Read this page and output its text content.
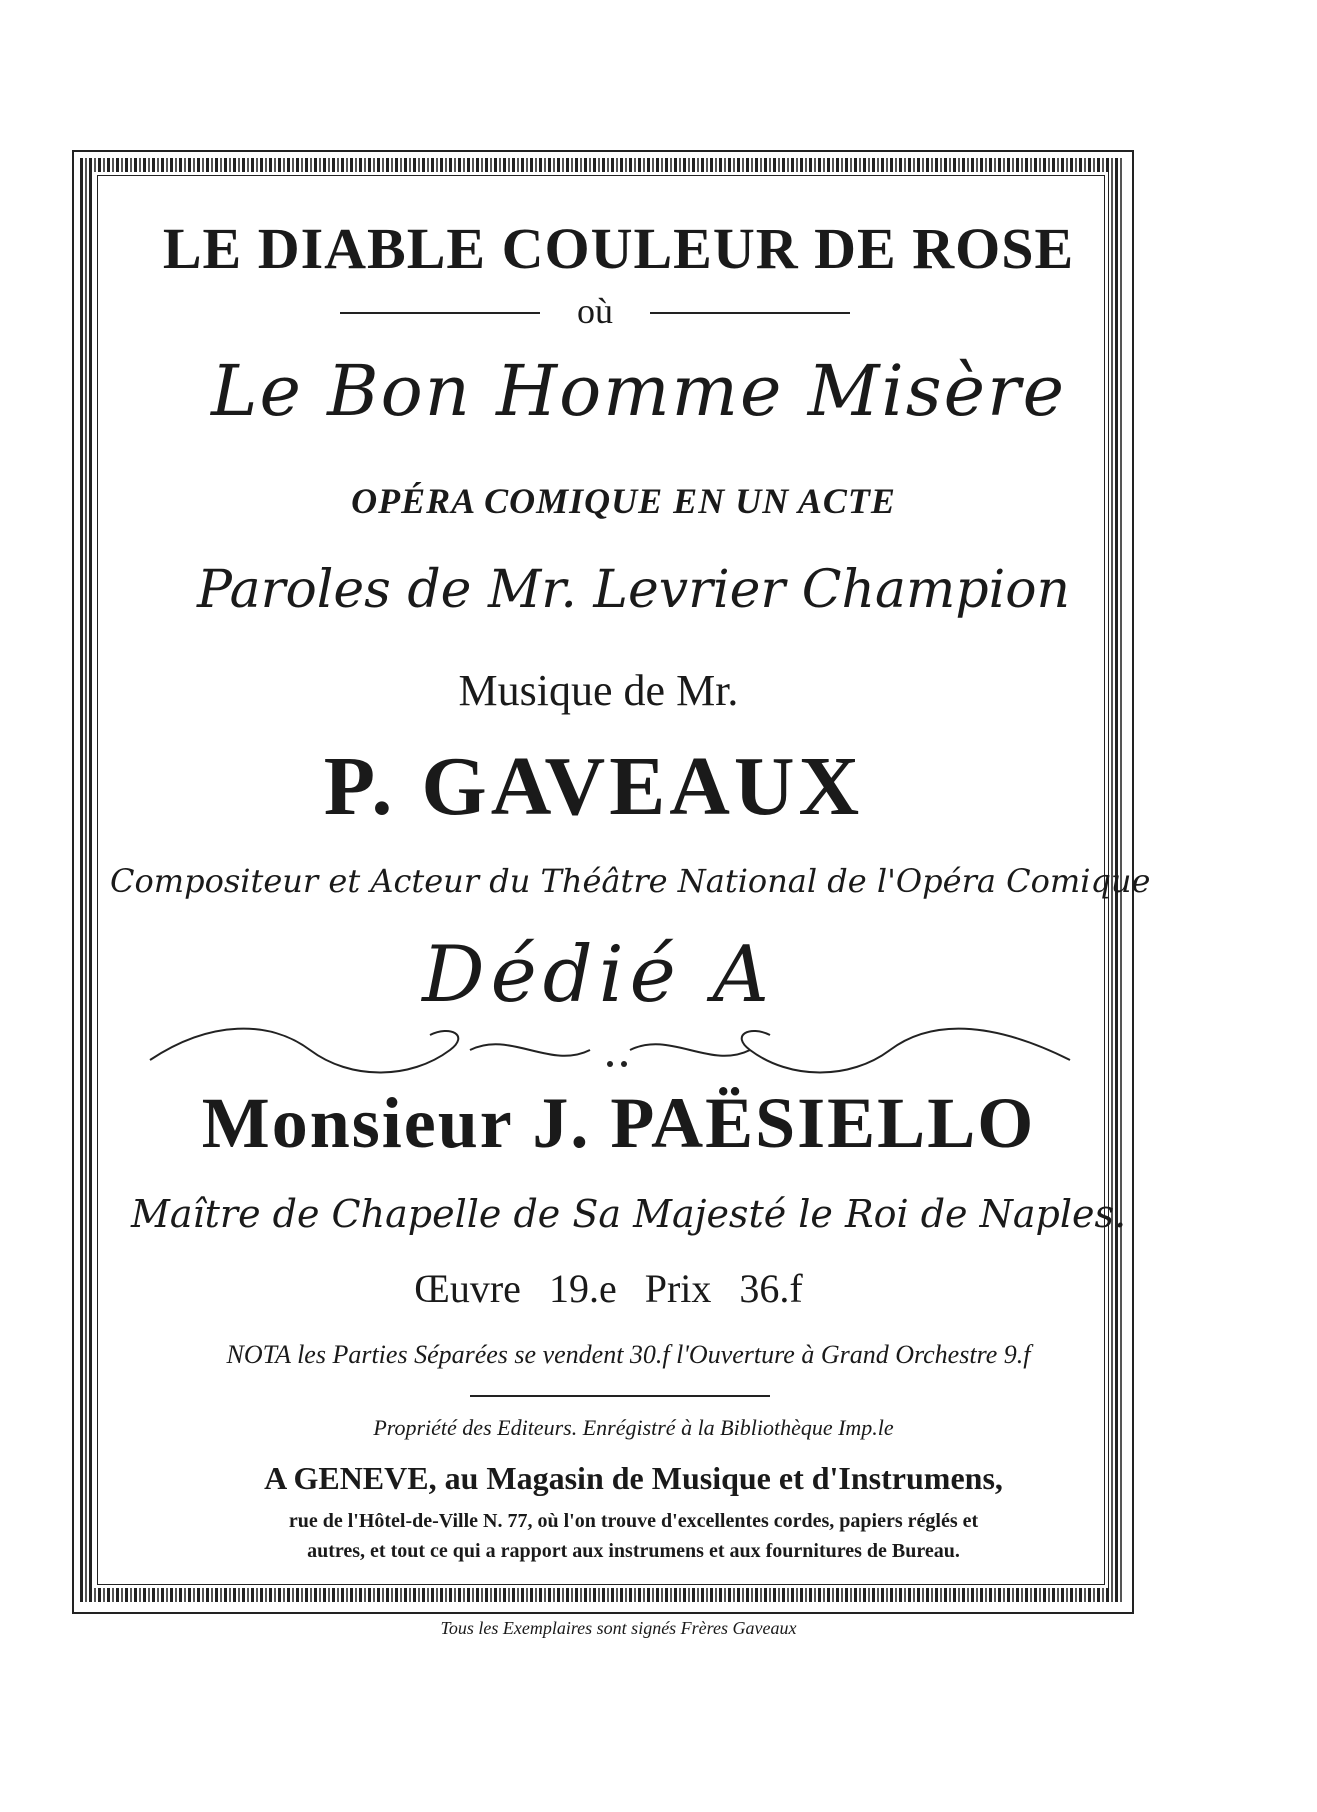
LE DIABLE COULEUR DE ROSE
où
Le Bon Homme Misère
OPÉRA COMIQUE EN UN ACTE
Paroles de Mr. Levrier Champion
Musique de Mr.
P. GAVEAUX
Compositeur et Acteur du Théâtre National de l'Opéra Comique
Dédié A
Monsieur J. PAËSIELLO
Maître de Chapelle de Sa Majesté le Roi de Naples.
Œuvre 19.e Prix 36.f
NOTA les Parties Séparées se vendent 30.f l'Ouverture à Grand Orchestre 9.f
Propriété des Editeurs. Enrégistré à la Bibliothèque Imp.le
A GENEVE, au Magasin de Musique et d'Instrumens,
rue de l'Hôtel-de-Ville N. 77, où l'on trouve d'excellentes cordes, papiers réglés et
autres, et tout ce qui a rapport aux instrumens et aux fournitures de Bureau.
Tous les Exemplaires sont signés Frères Gaveaux
